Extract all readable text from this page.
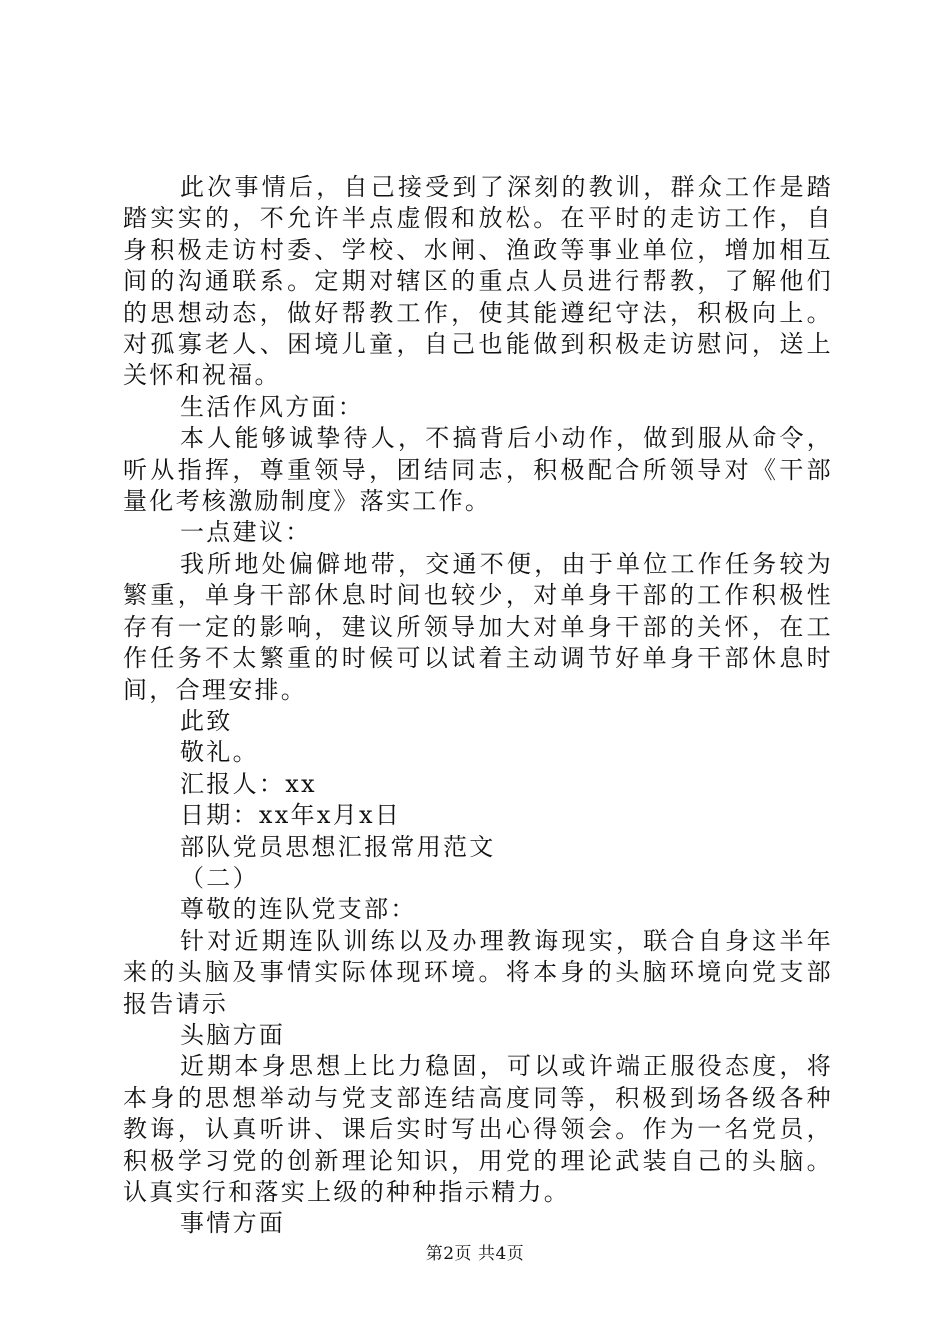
此次事情后，自己接受到了深刻的教训，群众工作是踏踏实实的，不允许半点虚假和放松。在平时的走访工作，自身积极走访村委、学校、水闸、渔政等事业单位，增加相互间的沟通联系。定期对辖区的重点人员进行帮教，了解他们的思想动态，做好帮教工作，使其能遵纪守法，积极向上。对孤寡老人、困境儿童，自己也能做到积极走访慰问，送上关怀和祝福。

生活作风方面：

本人能够诚挚待人，不搞背后小动作，做到服从命令，听从指挥，尊重领导，团结同志，积极配合所领导对《干部量化考核激励制度》落实工作。

一点建议：

我所地处偏僻地带，交通不便，由于单位工作任务较为繁重，单身干部休息时间也较少，对单身干部的工作积极性存有一定的影响，建议所领导加大对单身干部的关怀，在工作任务不太繁重的时候可以试着主动调节好单身干部休息时间，合理安排。

此致

敬礼。

汇报人：xx

日期：xx年x月x日

部队党员思想汇报常用范文

（二）

尊敬的连队党支部：

针对近期连队训练以及办理教诲现实，联合自身这半年来的头脑及事情实际体现环境。将本身的头脑环境向党支部报告请示

头脑方面

近期本身思想上比力稳固，可以或许端正服役态度，将本身的思想举动与党支部连结高度同等，积极到场各级各种教诲，认真听讲、课后实时写出心得领会。作为一名党员，积极学习党的创新理论知识，用党的理论武装自己的头脑。认真实行和落实上级的种种指示精力。

事情方面

第2页 共4页
